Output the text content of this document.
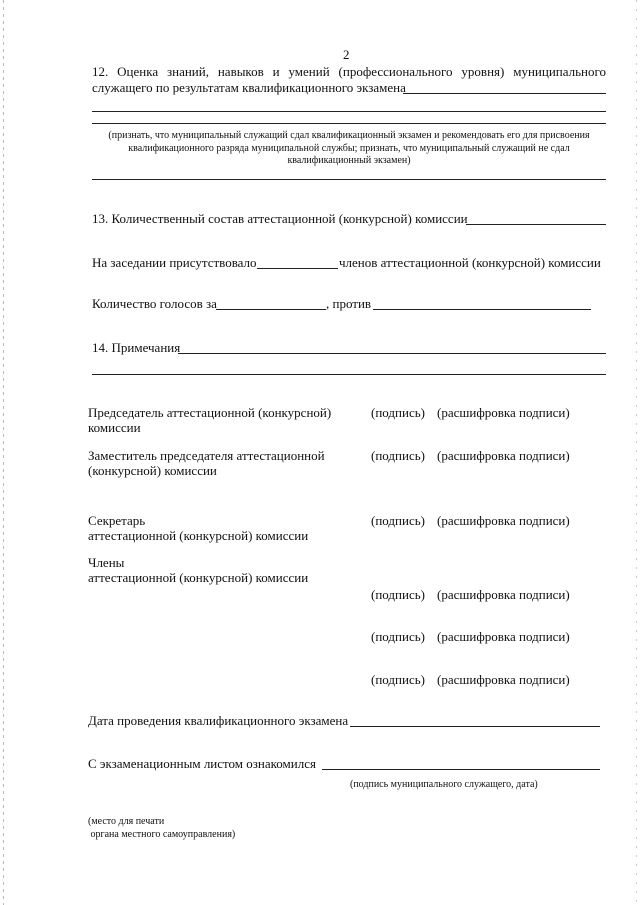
2
12. Оценка знаний, навыков и умений (профессионального уровня) муниципального
служащего по результатам квалификационного экзамена
(признать, что муниципальный служащий сдал квалификационный экзамен и рекомендовать его для присвоения
квалификационного разряда муниципальной службы; признать, что муниципальный служащий не сдал
квалификационный экзамен)
13. Количественный состав аттестационной (конкурсной) комиссии
На заседании присутствовало	членов аттестационной (конкурсной) комиссии
Количество голосов за	, против
14. Примечания
Председатель аттестационной (конкурсной)
комиссии
(подпись) (расшифровка подписи)
Заместитель председателя аттестационной
(конкурсной) комиссии
(подпись) (расшифровка подписи)
Секретарь
аттестационной (конкурсной) комиссии
(подпись) (расшифровка подписи)
Члены
аттестационной (конкурсной) комиссии
(подпись) (расшифровка подписи)
(подпись) (расшифровка подписи)
(подпись) (расшифровка подписи)
Дата проведения квалификационного экзамена
С экзаменационным листом ознакомился
(подпись муниципального служащего, дата)
(место для печати
органа местного самоуправления)
